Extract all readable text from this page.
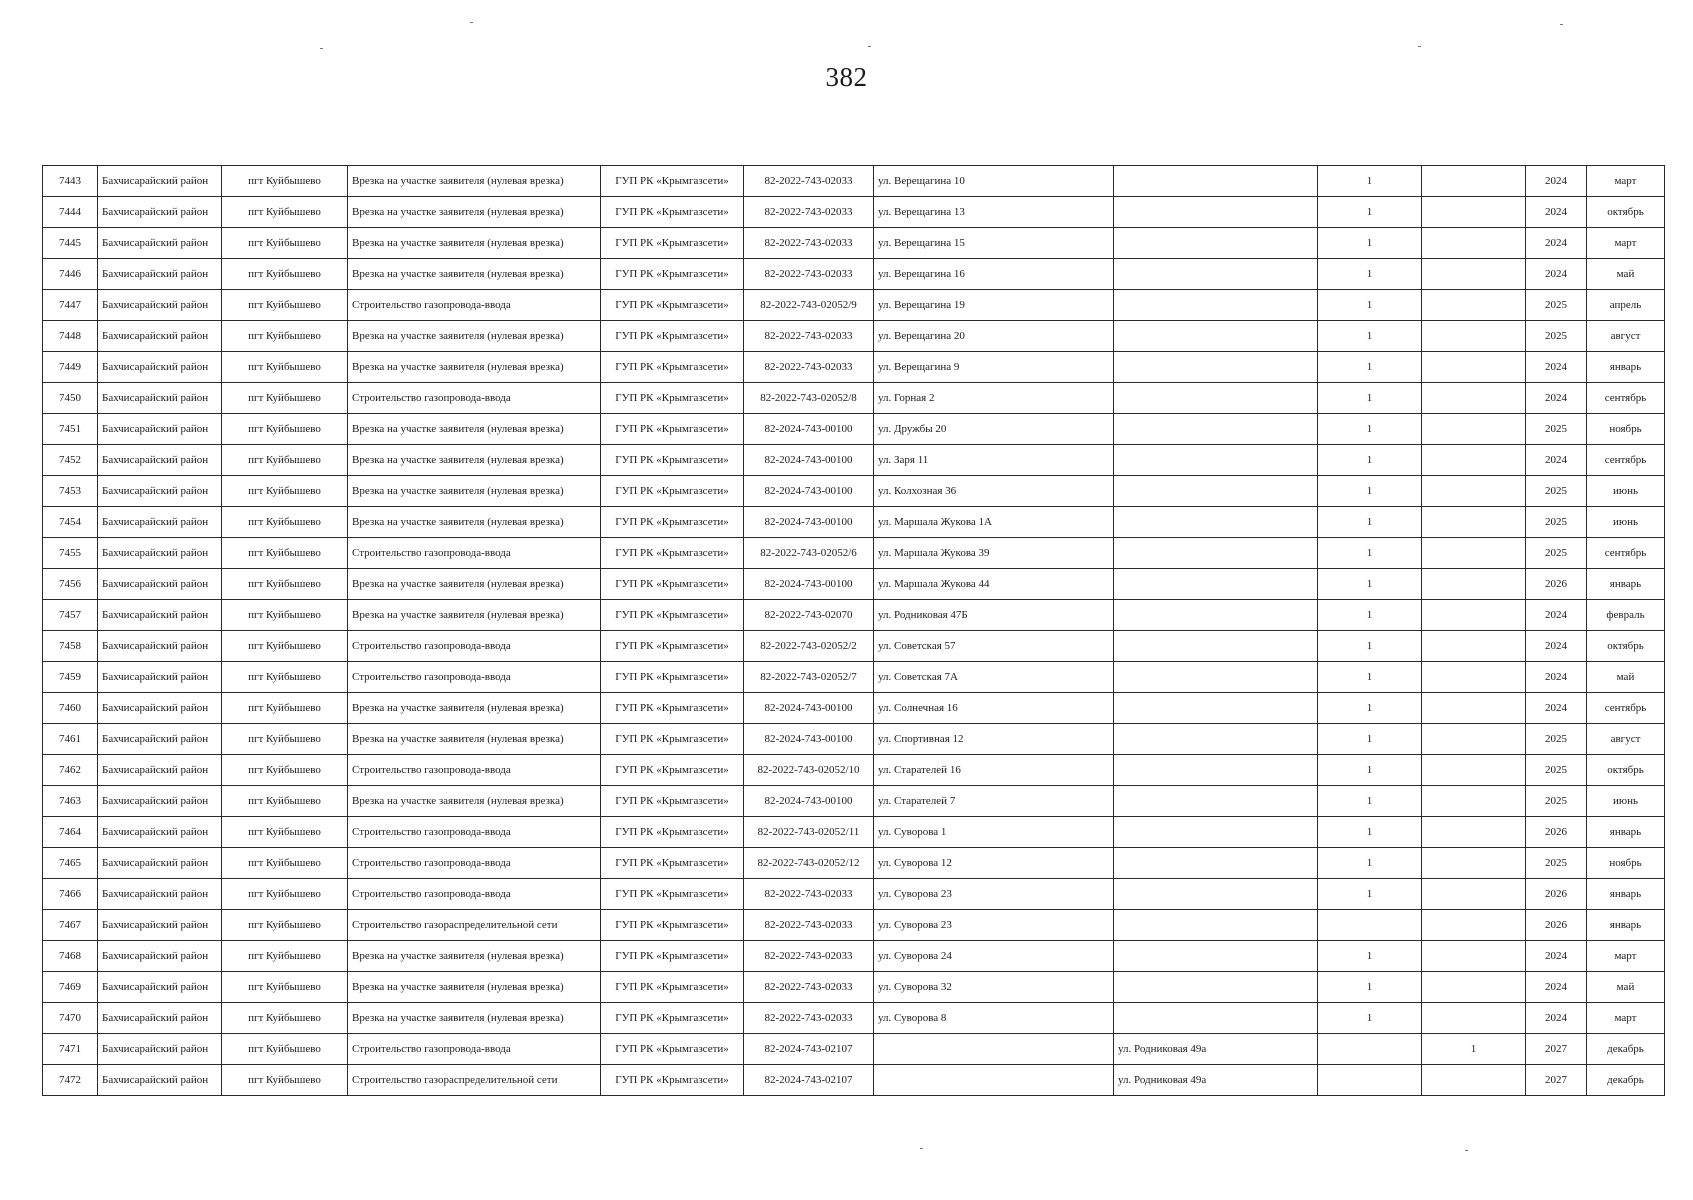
382
7443	Бахчисарайский район	пгт Куйбышево	Врезка на участке заявителя (нулевая врезка)	ГУП РК «Крымгазсети»	82-2022-743-02033	ул. Верещагина 10		1		2024	март
7444	Бахчисарайский район	пгт Куйбышево	Врезка на участке заявителя (нулевая врезка)	ГУП РК «Крымгазсети»	82-2022-743-02033	ул. Верещагина 13		1		2024	октябрь
7445	Бахчисарайский район	пгт Куйбышево	Врезка на участке заявителя (нулевая врезка)	ГУП РК «Крымгазсети»	82-2022-743-02033	ул. Верещагина 15		1		2024	март
7446	Бахчисарайский район	пгт Куйбышево	Врезка на участке заявителя (нулевая врезка)	ГУП РК «Крымгазсети»	82-2022-743-02033	ул. Верещагина 16		1		2024	май
7447	Бахчисарайский район	пгт Куйбышево	Строительство газопровода-ввода	ГУП РК «Крымгазсети»	82-2022-743-02052/9	ул. Верещагина 19		1		2025	апрель
7448	Бахчисарайский район	пгт Куйбышево	Врезка на участке заявителя (нулевая врезка)	ГУП РК «Крымгазсети»	82-2022-743-02033	ул. Верещагина 20		1		2025	август
7449	Бахчисарайский район	пгт Куйбышево	Врезка на участке заявителя (нулевая врезка)	ГУП РК «Крымгазсети»	82-2022-743-02033	ул. Верещагина 9		1		2024	январь
7450	Бахчисарайский район	пгт Куйбышево	Строительство газопровода-ввода	ГУП РК «Крымгазсети»	82-2022-743-02052/8	ул. Горная 2		1		2024	сентябрь
7451	Бахчисарайский район	пгт Куйбышево	Врезка на участке заявителя (нулевая врезка)	ГУП РК «Крымгазсети»	82-2024-743-00100	ул. Дружбы 20		1		2025	ноябрь
7452	Бахчисарайский район	пгт Куйбышево	Врезка на участке заявителя (нулевая врезка)	ГУП РК «Крымгазсети»	82-2024-743-00100	ул. Заря 11		1		2024	сентябрь
7453	Бахчисарайский район	пгт Куйбышево	Врезка на участке заявителя (нулевая врезка)	ГУП РК «Крымгазсети»	82-2024-743-00100	ул. Колхозная 36		1		2025	июнь
7454	Бахчисарайский район	пгт Куйбышево	Врезка на участке заявителя (нулевая врезка)	ГУП РК «Крымгазсети»	82-2024-743-00100	ул. Маршала Жукова 1А		1		2025	июнь
7455	Бахчисарайский район	пгт Куйбышево	Строительство газопровода-ввода	ГУП РК «Крымгазсети»	82-2022-743-02052/6	ул. Маршала Жукова 39		1		2025	сентябрь
7456	Бахчисарайский район	пгт Куйбышево	Врезка на участке заявителя (нулевая врезка)	ГУП РК «Крымгазсети»	82-2024-743-00100	ул. Маршала Жукова 44		1		2026	январь
7457	Бахчисарайский район	пгт Куйбышево	Врезка на участке заявителя (нулевая врезка)	ГУП РК «Крымгазсети»	82-2022-743-02070	ул. Родниковая 47Б		1		2024	февраль
7458	Бахчисарайский район	пгт Куйбышево	Строительство газопровода-ввода	ГУП РК «Крымгазсети»	82-2022-743-02052/2	ул. Советская 57		1		2024	октябрь
7459	Бахчисарайский район	пгт Куйбышево	Строительство газопровода-ввода	ГУП РК «Крымгазсети»	82-2022-743-02052/7	ул. Советская 7А		1		2024	май
7460	Бахчисарайский район	пгт Куйбышево	Врезка на участке заявителя (нулевая врезка)	ГУП РК «Крымгазсети»	82-2024-743-00100	ул. Солнечная 16		1		2024	сентябрь
7461	Бахчисарайский район	пгт Куйбышево	Врезка на участке заявителя (нулевая врезка)	ГУП РК «Крымгазсети»	82-2024-743-00100	ул. Спортивная 12		1		2025	август
7462	Бахчисарайский район	пгт Куйбышево	Строительство газопровода-ввода	ГУП РК «Крымгазсети»	82-2022-743-02052/10	ул. Старателей 16		1		2025	октябрь
7463	Бахчисарайский район	пгт Куйбышево	Врезка на участке заявителя (нулевая врезка)	ГУП РК «Крымгазсети»	82-2024-743-00100	ул. Старателей 7		1		2025	июнь
7464	Бахчисарайский район	пгт Куйбышево	Строительство газопровода-ввода	ГУП РК «Крымгазсети»	82-2022-743-02052/11	ул. Суворова 1		1		2026	январь
7465	Бахчисарайский район	пгт Куйбышево	Строительство газопровода-ввода	ГУП РК «Крымгазсети»	82-2022-743-02052/12	ул. Суворова 12		1		2025	ноябрь
7466	Бахчисарайский район	пгт Куйбышево	Строительство газопровода-ввода	ГУП РК «Крымгазсети»	82-2022-743-02033	ул. Суворова 23		1		2026	январь
7467	Бахчисарайский район	пгт Куйбышево	Строительство газораспределительной сети	ГУП РК «Крымгазсети»	82-2022-743-02033	ул. Суворова 23				2026	январь
7468	Бахчисарайский район	пгт Куйбышево	Врезка на участке заявителя (нулевая врезка)	ГУП РК «Крымгазсети»	82-2022-743-02033	ул. Суворова 24		1		2024	март
7469	Бахчисарайский район	пгт Куйбышево	Врезка на участке заявителя (нулевая врезка)	ГУП РК «Крымгазсети»	82-2022-743-02033	ул. Суворова 32		1		2024	май
7470	Бахчисарайский район	пгт Куйбышево	Врезка на участке заявителя (нулевая врезка)	ГУП РК «Крымгазсети»	82-2022-743-02033	ул. Суворова 8		1		2024	март
7471	Бахчисарайский район	пгт Куйбышево	Строительство газопровода-ввода	ГУП РК «Крымгазсети»	82-2024-743-02107		ул. Родниковая 49а		1	2027	декабрь
7472	Бахчисарайский район	пгт Куйбышево	Строительство газораспределительной сети	ГУП РК «Крымгазсети»	82-2024-743-02107		ул. Родниковая 49а			2027	декабрь
